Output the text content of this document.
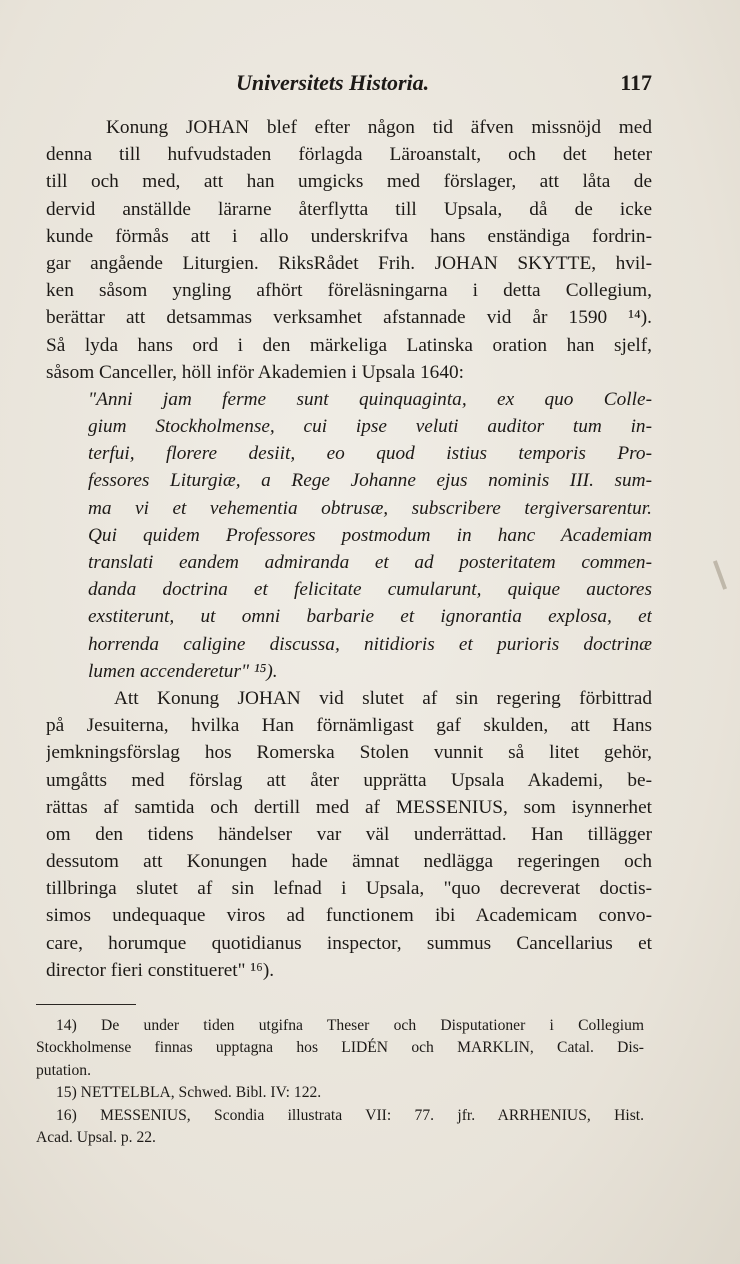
Universitets Historia.	117
Konung JOHAN blef efter någon tid äfven missnöjd med
denna till hufvudstaden förlagda Läroanstalt, och det heter
till och med, att han umgicks med förslager, att låta de
dervid anställde lärarne återflytta till Upsala, då de icke
kunde förmås att i allo underskrifva hans enständiga fordrin-
gar angående Liturgien. RiksRådet Frih. JOHAN SKYTTE, hvil-
ken såsom yngling afhört föreläsningarna i detta Collegium,
berättar att detsammas verksamhet afstannade vid år 1590 ¹⁴).
Så lyda hans ord i den märkeliga Latinska oration han sjelf,
såsom Canceller, höll inför Akademien i Upsala 1640:
"Anni jam ferme sunt quinquaginta, ex quo Colle-
gium Stockholmense, cui ipse veluti auditor tum in-
terfui, florere desiit, eo quod istius temporis Pro-
fessores Liturgiæ, a Rege Johanne ejus nominis III. sum-
ma vi et vehementia obtrusæ, subscribere tergiversarentur.
Qui quidem Professores postmodum in hanc Academiam
translati eandem admiranda et ad posteritatem commen-
danda doctrina et felicitate cumularunt, quique auctores
exstiterunt, ut omni barbarie et ignorantia explosa, et
horrenda caligine discussa, nitidioris et purioris doctrinæ
lumen accenderetur" ¹⁵).
Att Konung JOHAN vid slutet af sin regering förbittrad
på Jesuiterna, hvilka Han förnämligast gaf skulden, att Hans
jemkningsförslag hos Romerska Stolen vunnit så litet gehör,
umgåtts med förslag att åter upprätta Upsala Akademi, be-
rättas af samtida och dertill med af MESSENIUS, som isynnerhet
om den tidens händelser var väl underrättad. Han tillägger
dessutom att Konungen hade ämnat nedlägga regeringen och
tillbringa slutet af sin lefnad i Upsala, "quo decreverat doctis-
simos undequaque viros ad functionem ibi Academicam convo-
care, horumque quotidianus inspector, summus Cancellarius et
director fieri constitueret" ¹⁶).
14) De under tiden utgifna Theser och Disputationer i Collegium
Stockholmense finnas upptagna hos LIDÉN och MARKLIN, Catal. Dis-
putation.
15) NETTELBLA, Schwed. Bibl. IV: 122.
16) MESSENIUS, Scondia illustrata VII: 77. jfr. ARRHENIUS, Hist.
Acad. Upsal. p. 22.
